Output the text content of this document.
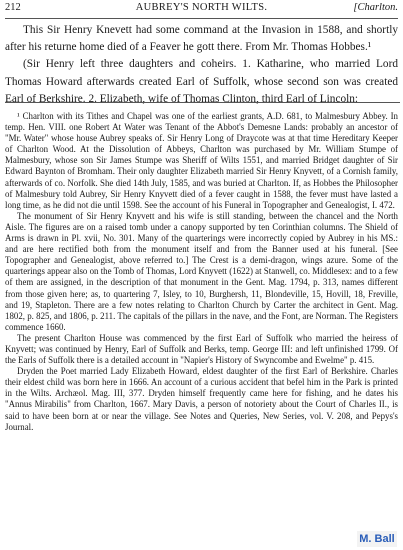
212	AUBREY'S NORTH WILTS.	[Charlton.

This Sir Henry Knevett had some command at the Invasion in 1588, and shortly after his returne home died of a Feaver he gott there. From Mr. Thomas Hobbes.¹

(Sir Henry left three daughters and coheirs. 1. Katharine, who married Lord Thomas Howard afterwards created Earl of Suffolk, whose second son was created Earl of Berkshire. 2. Elizabeth, wife of Thomas Clinton, third Earl of Lincoln:

¹ Charlton with its Tithes and Chapel was one of the earliest grants, A.D. 681, to Malmesbury Abbey. In temp. Hen. VIII. one Robert At Water was Tenant of the Abbot's Demesne Lands: probably an ancestor of "Mr. Water" whose house Aubrey speaks of. Sir Henry Long of Draycote was at that time Hereditary Keeper of Charlton Wood. At the Dissolution of Abbeys, Charlton was purchased by Mr. William Stumpe of Malmesbury, whose son Sir James Stumpe was Sheriff of Wilts 1551, and married Bridget daughter of Sir Edward Baynton of Bromham. Their only daughter Elizabeth married Sir Henry Knyvett, of a Cornish family, afterwards of co. Norfolk. She died 14th July, 1585, and was buried at Charlton. If, as Hobbes the Philosopher of Malmesbury told Aubrey, Sir Henry Knyvett died of a fever caught in 1588, the fever must have lasted a long time, as he did not die until 1598. See the account of his Funeral in Topographer and Genealogist, I. 472.

The monument of Sir Henry Knyvett and his wife is still standing, between the chancel and the North Aisle. The figures are on a raised tomb under a canopy supported by ten Corinthian columns. The Shield of Arms is drawn in Pl. xvii, No. 301. Many of the quarterings were incorrectly copied by Aubrey in his MS.: and are here rectified both from the monument itself and from the Banner used at his funeral. [See Topographer and Genealogist, above referred to.] The Crest is a demi-dragon, wings azure. Some of the quarterings appear also on the Tomb of Thomas, Lord Knyvett (1622) at Stanwell, co. Middlesex: and to a few of them are assigned, in the description of that monument in the Gent. Mag. 1794, p. 313, names different from those given here; as, to quartering 7, Isley, to 10, Burghersh, 11, Blondeville, 15, Hovill, 18, Freville, and 19, Stapleton. There are a few notes relating to Charlton Church by Carter the architect in Gent. Mag. 1802, p. 825, and 1806, p. 211. The capitals of the pillars in the nave, and the Font, are Norman. The Registers commence 1660.

The present Charlton House was commenced by the first Earl of Suffolk who married the heiress of Knyvett; was continued by Henry, Earl of Suffolk and Berks, temp. George III: and left unfinished 1799. Of the Earls of Suffolk there is a detailed account in "Napier's History of Swyncombe and Ewelme" p. 415.

Dryden the Poet married Lady Elizabeth Howard, eldest daughter of the first Earl of Berkshire. Charles their eldest child was born here in 1666. An account of a curious accident that befel him in the Park is printed in the Wilts. Archæol. Mag. III, 377. Dryden himself frequently came here for fishing, and he dates his "Annus Mirabilis" from Charlton, 1667. Mary Davis, a person of notoriety about the Court of Charles II., is said to have been born at or near the village. See Notes and Queries, New Series, vol. V. 208, and Pepys's Journal.

M. Ball
